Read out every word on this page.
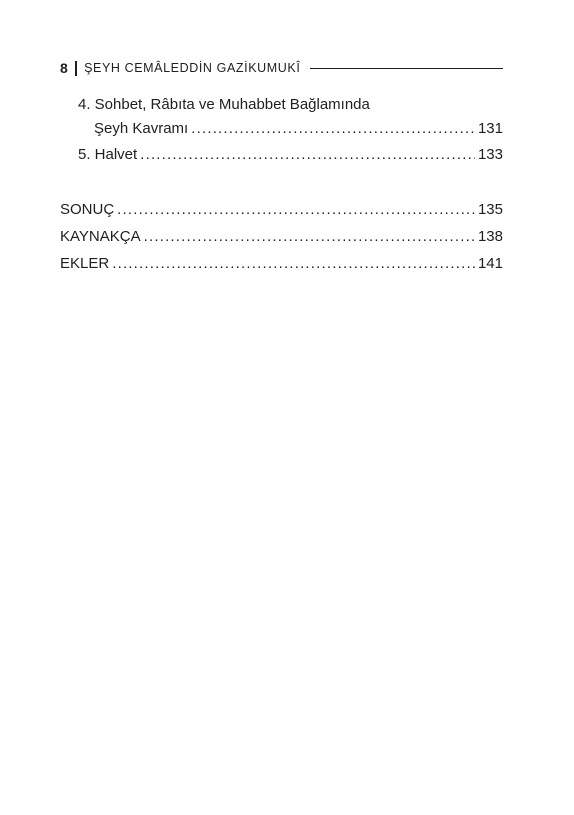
8 ŞEYH CEMÂLEDDİN GAZİKUMUKÎ
4. Sohbet, Râbıta ve Muhabbet Bağlamında
Şeyh Kavramı .....	131
5. Halvet .....	133
SONUÇ .....	135
KAYNAKÇA .....	138
EKLER .....	141
